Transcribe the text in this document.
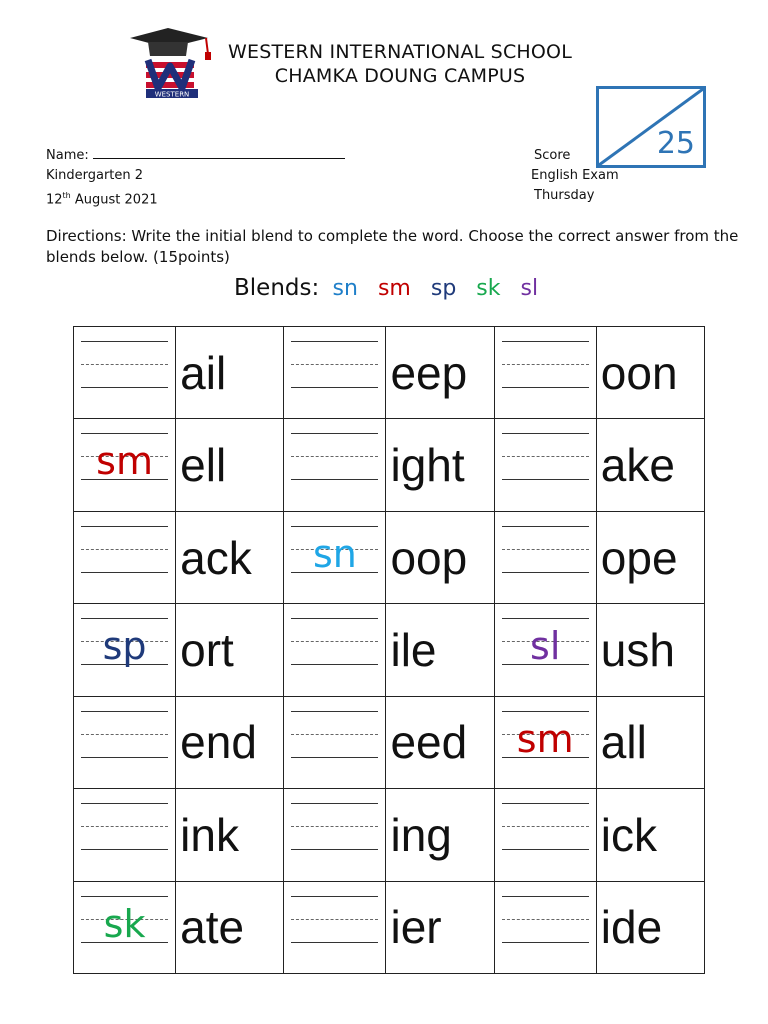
WESTERN
WESTERN INTERNATIONAL SCHOOL
CHAMKA DOUNG CAMPUS
25
Name:
Kindergarten 2
12th August 2021
Score
English Exam
Thursday
Directions: Write the initial blend to complete the word. Choose the correct answer from the blends below. (15points)
Blends: sn sm sp sk sl
	ail		eep		oon

sm	ell		ight		ake

	ack	sn	oop		ope

sp	ort		ile	sl	ush

	end		eed	sm	all

	ink		ing		ick

sk	ate		ier		ide
